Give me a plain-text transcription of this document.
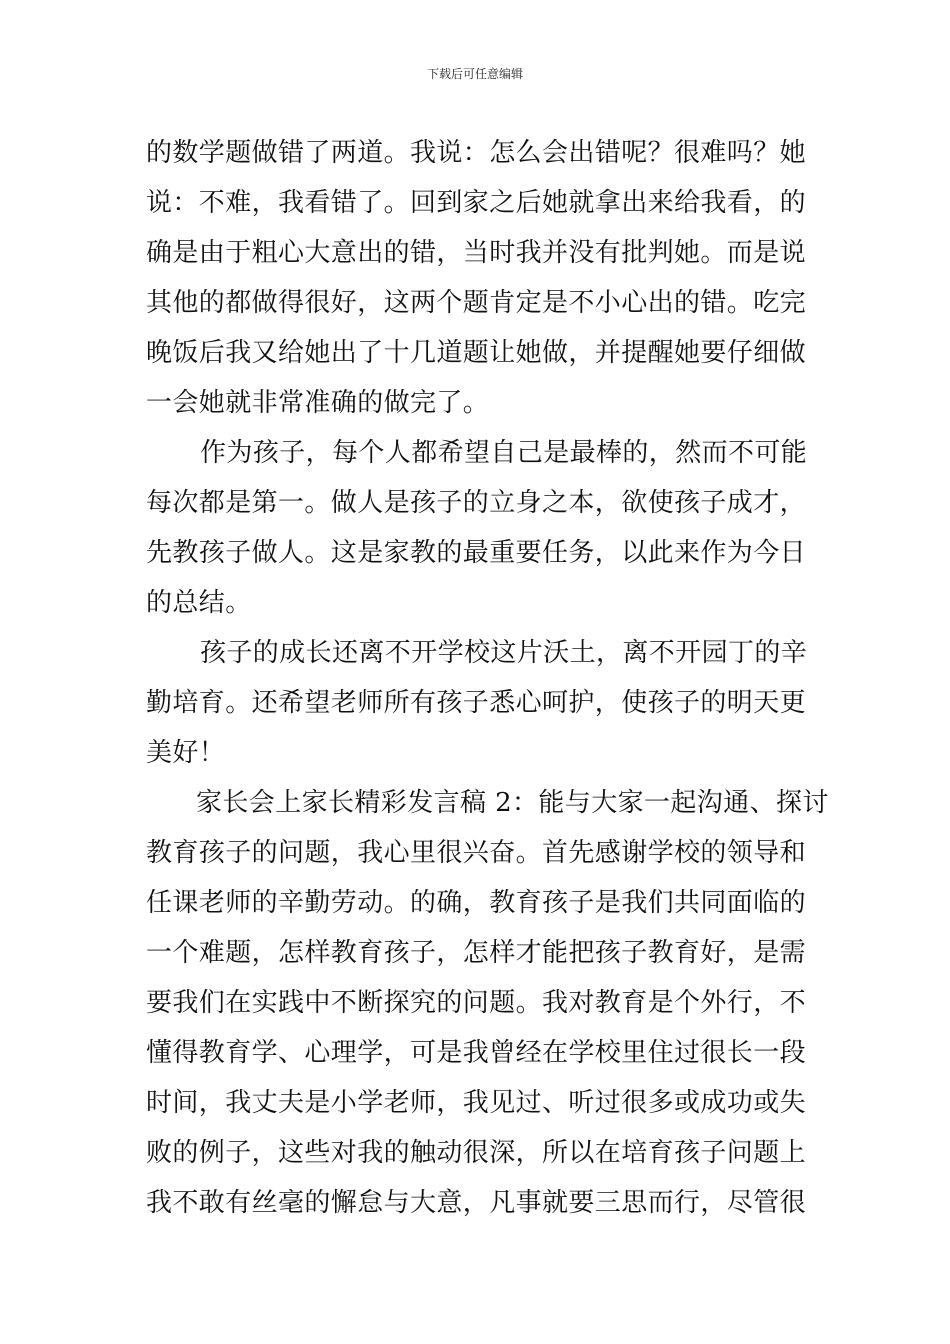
下载后可任意编辑
的数学题做错了两道。我说：怎么会出错呢？很难吗？她
说：不难，我看错了。回到家之后她就拿出来给我看，的
确是由于粗心大意出的错，当时我并没有批判她。而是说
其他的都做得很好，这两个题肯定是不小心出的错。吃完
晚饭后我又给她出了十几道题让她做，并提醒她要仔细做
一会她就非常准确的做完了。
作为孩子，每个人都希望自己是最棒的，然而不可能
每次都是第一。做人是孩子的立身之本，欲使孩子成才，
先教孩子做人。这是家教的最重要任务，以此来作为今日
的总结。
孩子的成长还离不开学校这片沃土，离不开园丁的辛
勤培育。还希望老师所有孩子悉心呵护，使孩子的明天更
美好！
家长会上家长精彩发言稿 2：能与大家一起沟通、探讨
教育孩子的问题，我心里很兴奋。首先感谢学校的领导和
任课老师的辛勤劳动。的确，教育孩子是我们共同面临的
一个难题，怎样教育孩子，怎样才能把孩子教育好，是需
要我们在实践中不断探究的问题。我对教育是个外行，不
懂得教育学、心理学，可是我曾经在学校里住过很长一段
时间，我丈夫是小学老师，我见过、听过很多或成功或失
败的例子，这些对我的触动很深，所以在培育孩子问题上
我不敢有丝毫的懈怠与大意，凡事就要三思而行，尽管很
